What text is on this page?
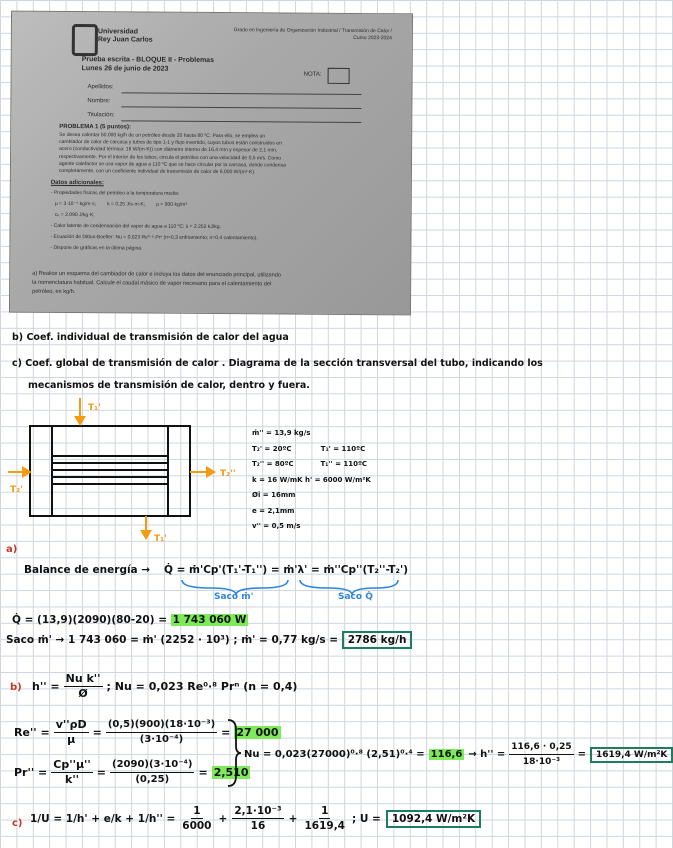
Universidad
Rey Juan Carlos
Grado en Ingeniería de Organización Industrial / Transmisión de Calor / Curso 2023-2024
Prueba escrita - BLOQUE II - Problemas
Lunes 26 de junio de 2023
NOTA:
Apellidos:
Nombre:
Titulación:
PROBLEMA 1 (5 puntos):
Se desea calentar 50.000 kg/h de un petróleo desde 20 hasta 80 ºC. Para ello, se emplea un
cambiador de calor de carcasa y tubos de tipo 1-1 y flujo invertido, cuyos tubos están construidos en
acero (conductividad térmica: 16 W/(m·K)) con diámetro interno de 16,4 mm y espesor de 2,1 mm,
respectivamente. Por el interior de los tubos, circula el petróleo con una velocidad de 0,5 m/s. Como
agente calefactor se usa vapor de agua a 110 ºC que se hace circular por la carcasa, donde condensa
completamente, con un coeficiente individual de transmisión de calor de 6.000 W/(m²·K).
Datos adicionales:
- Propiedades físicas del petróleo a la temperatura media:
μ = 3·10⁻⁴ kg/m·s;        k = 0,25 J/s·m·K;        ρ = 900 kg/m³
cₚ = 2.090 J/kg·K;
- Calor latente de condensación del vapor de agua a 110 ºC: λ = 2.252 kJ/kg.
- Ecuación de Dittus-Boelter: Nu = 0,023 Re⁰·⁸·Prⁿ (n=0,3 enfriamiento; n=0,4 calentamiento).
- Dispone de gráficas en la última página.
a) Realice un esquema del cambiador de calor e incluya los datos del enunciado principal, utilizando
la nomenclatura habitual. Calcule el caudal másico de vapor necesario para el calentamiento del
petróleo, en kg/h.
b) Coef. individual de transmisión de calor del agua
c) Coef. global de transmisión de calor . Diagrama de la sección transversal del tubo, indicando los
mecanismos de transmisión de calor, dentro y fuera.
T₁'
T₁'
T₂'
T₂''
ṁ'' = 13,9 kg/s
T₂' = 20ºC            T₁' = 110ºC
T₂'' = 80ºC           T₁'' = 110ºC
k = 16 W/mK h' = 6000 W/m²K
Øi = 16mm
e = 2,1mm
v'' = 0,5 m/s
a)
Balance de energía → Q̇ = ṁ'Cp'(T₁'-T₁'') = ṁ'λ' = ṁ''Cp''(T₂''-T₂')
Saco ṁ'	Saco Q̇
Q̇ = (13,9)(2090)(80-20) = 1 743 060 W
Saco ṁ' → 1 743 060 = ṁ' (2252 · 10³) ; ṁ' = 0,77 kg/s = 2786 kg/h
b) $h'' = \frac{\text{Nu k''}}{Ø}$ ; Nu = 0,023 Re⁰·⁸ Prⁿ (n = 0,4)
$Re'' = \frac{v''\rho D}{\mu} = \frac{\text{(0,5)(900)(18·10⁻³)}}{\text{(3·10⁻⁴)}} = 27$ 000
$Pr'' = \frac{Cp''\mu''}{k''} = \frac{\text{(2090)(3·10⁻⁴)}}{(0,25)} = 2,510$
Nu = 0,023(27000)⁰·⁸ $(2,51)^0\cdot^4 = 116,6 \to h'' = \frac{116,6 \cdot 0,25}{\text{18·10⁻³}}$ =	1619,4 W/m²K
c) $1/U = 1/h' + e/k + 1/h'' = \frac{1}{6000} + \frac{\text{2,1·10⁻³}}{16} + \frac{1}{1619,4}$ ; U =	1092,4 W/m²K
